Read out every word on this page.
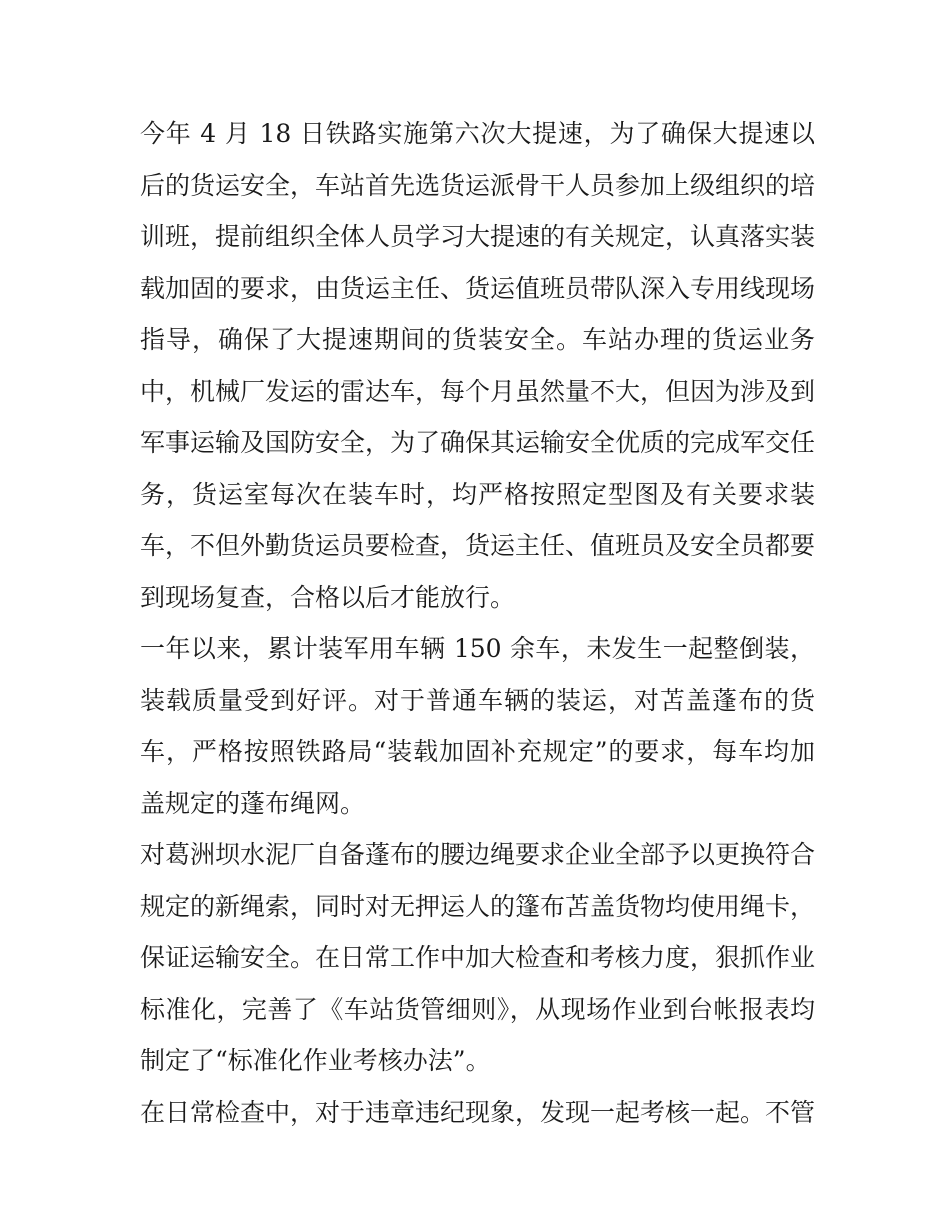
今年 4 月 18 日铁路实施第六次大提速，为了确保大提速以后的货运安全，车站首先选货运派骨干人员参加上级组织的培训班，提前组织全体人员学习大提速的有关规定，认真落实装载加固的要求，由货运主任、货运值班员带队深入专用线现场指导，确保了大提速期间的货装安全。车站办理的货运业务中，机械厂发运的雷达车，每个月虽然量不大，但因为涉及到军事运输及国防安全，为了确保其运输安全优质的完成军交任务，货运室每次在装车时，均严格按照定型图及有关要求装车，不但外勤货运员要检查，货运主任、值班员及安全员都要到现场复查，合格以后才能放行。

一年以来，累计装军用车辆 150 余车，未发生一起整倒装，装载质量受到好评。对于普通车辆的装运，对苫盖蓬布的货车，严格按照铁路局“装载加固补充规定”的要求，每车均加盖规定的蓬布绳网。

对葛洲坝水泥厂自备蓬布的腰边绳要求企业全部予以更换符合规定的新绳索，同时对无押运人的篷布苫盖货物均使用绳卡，保证运输安全。在日常工作中加大检查和考核力度，狠抓作业标准化，完善了《车站货管细则》，从现场作业到台帐报表均制定了“标准化作业考核办法”。

在日常检查中，对于违章违纪现象，发现一起考核一起。不管
